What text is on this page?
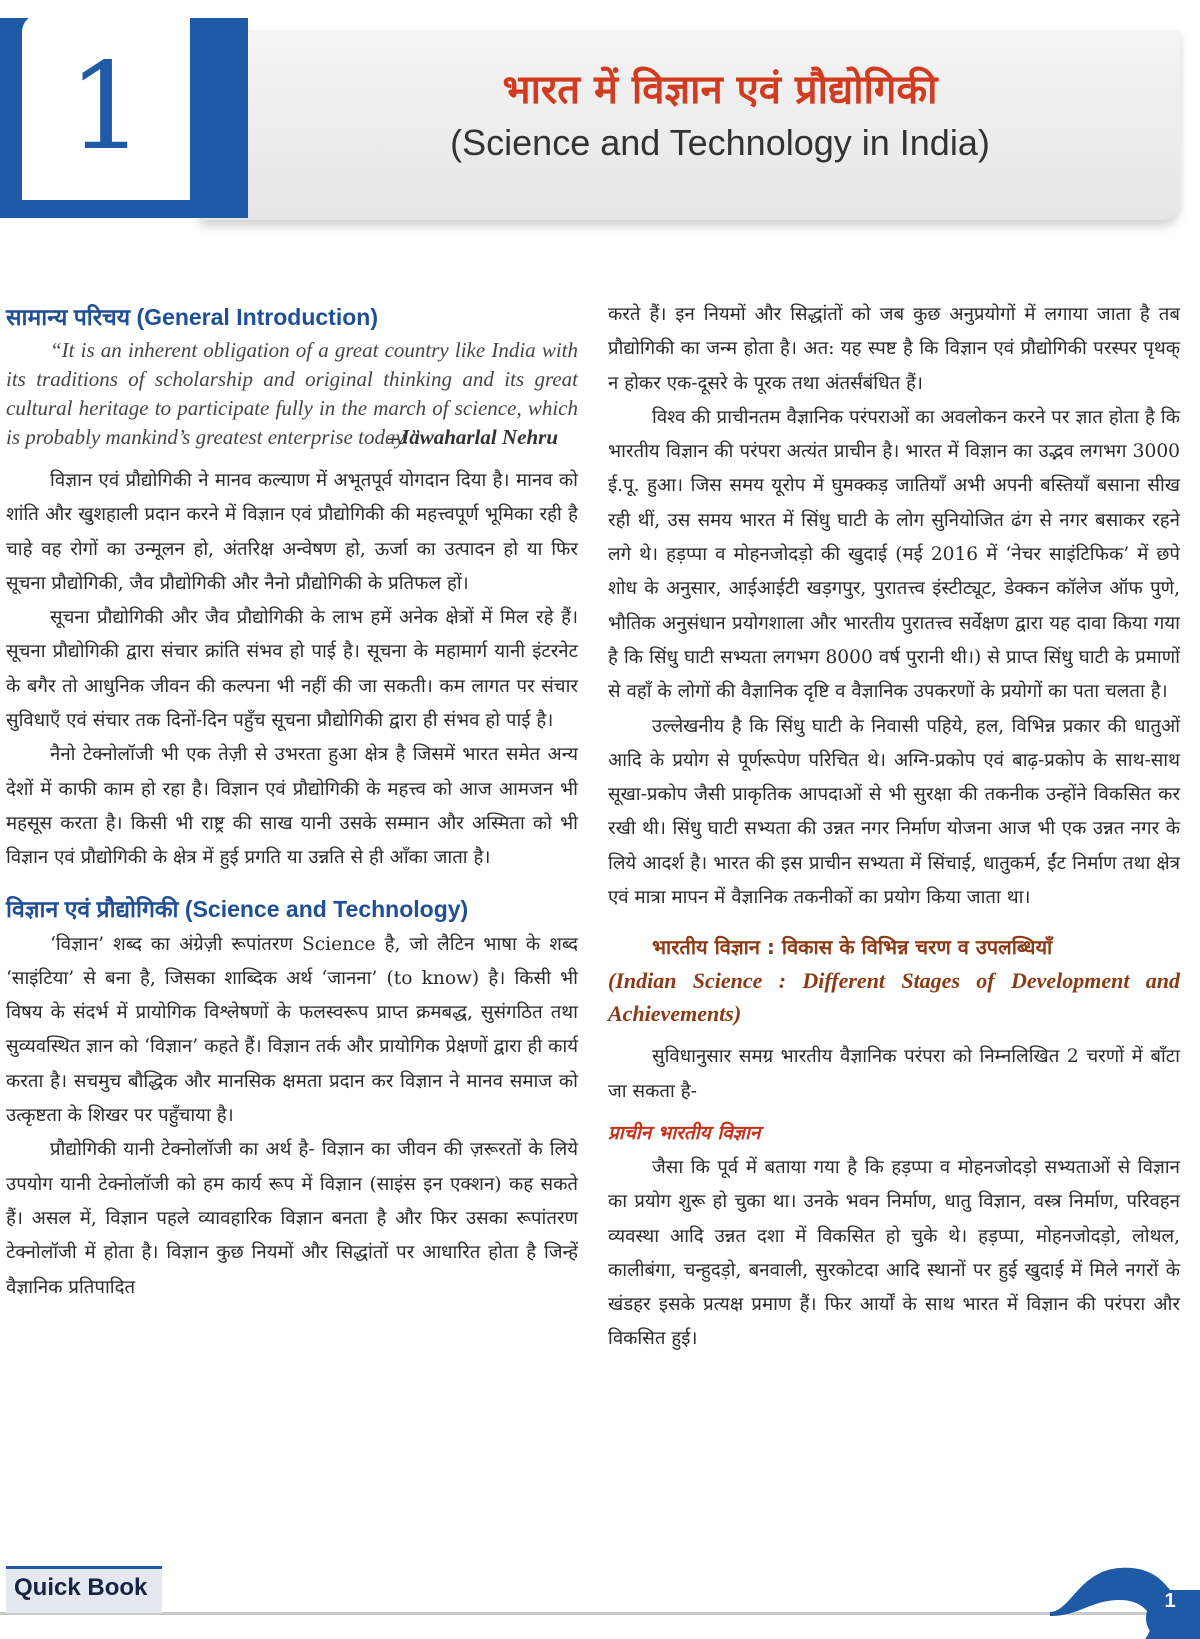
1	भारत में विज्ञान एवं प्रौद्योगिकी
(Science and Technology in India)
सामान्य परिचय (General Introduction)

“It is an inherent obligation of a great country like India with its traditions of scholarship and original thinking and its great cultural heritage to participate fully in the march of science, which is probably mankind’s greatest enterprise today.”

–Jawaharlal Nehru

विज्ञान एवं प्रौद्योगिकी ने मानव कल्याण में अभूतपूर्व योगदान दिया है। मानव को शांति और खुशहाली प्रदान करने में विज्ञान एवं प्रौद्योगिकी की महत्त्वपूर्ण भूमिका रही है चाहे वह रोगों का उन्मूलन हो, अंतरिक्ष अन्वेषण हो, ऊर्जा का उत्पादन हो या फिर सूचना प्रौद्योगिकी, जैव प्रौद्योगिकी और नैनो प्रौद्योगिकी के प्रतिफल हों।

सूचना प्रौद्योगिकी और जैव प्रौद्योगिकी के लाभ हमें अनेक क्षेत्रों में मिल रहे हैं। सूचना प्रौद्योगिकी द्वारा संचार क्रांति संभव हो पाई है। सूचना के महामार्ग यानी इंटरनेट के बगैर तो आधुनिक जीवन की कल्पना भी नहीं की जा सकती। कम लागत पर संचार सुविधाएँ एवं संचार तक दिनों-दिन पहुँच सूचना प्रौद्योगिकी द्वारा ही संभव हो पाई है।

नैनो टेक्नोलॉजी भी एक तेज़ी से उभरता हुआ क्षेत्र है जिसमें भारत समेत अन्य देशों में काफी काम हो रहा है। विज्ञान एवं प्रौद्योगिकी के महत्त्व को आज आमजन भी महसूस करता है। किसी भी राष्ट्र की साख यानी उसके सम्मान और अस्मिता को भी विज्ञान एवं प्रौद्योगिकी के क्षेत्र में हुई प्रगति या उन्नति से ही आँका जाता है।

विज्ञान एवं प्रौद्योगिकी (Science and Technology)

‘विज्ञान’ शब्द का अंग्रेज़ी रूपांतरण Science है, जो लैटिन भाषा के शब्द ‘साइंटिया’ से बना है, जिसका शाब्दिक अर्थ ‘जानना’ (to know) है। किसी भी विषय के संदर्भ में प्रायोगिक विश्लेषणों के फलस्वरूप प्राप्त क्रमबद्ध, सुसंगठित तथा सुव्यवस्थित ज्ञान को ‘विज्ञान’ कहते हैं। विज्ञान तर्क और प्रायोगिक प्रेक्षणों द्वारा ही कार्य करता है। सचमुच बौद्धिक और मानसिक क्षमता प्रदान कर विज्ञान ने मानव समाज को उत्कृष्टता के शिखर पर पहुँचाया है।

प्रौद्योगिकी यानी टेक्नोलॉजी का अर्थ है- विज्ञान का जीवन की ज़रूरतों के लिये उपयोग यानी टेक्नोलॉजी को हम कार्य रूप में विज्ञान (साइंस इन एक्शन) कह सकते हैं। असल में, विज्ञान पहले व्यावहारिक विज्ञान बनता है और फिर उसका रूपांतरण टेक्नोलॉजी में होता है। विज्ञान कुछ नियमों और सिद्धांतों पर आधारित होता है जिन्हें वैज्ञानिक प्रतिपादित

करते हैं। इन नियमों और सिद्धांतों को जब कुछ अनुप्रयोगों में लगाया जाता है तब प्रौद्योगिकी का जन्म होता है। अत: यह स्पष्ट है कि विज्ञान एवं प्रौद्योगिकी परस्पर पृथक् न होकर एक-दूसरे के पूरक तथा अंतर्संबंधित हैं।

विश्व की प्राचीनतम वैज्ञानिक परंपराओं का अवलोकन करने पर ज्ञात होता है कि भारतीय विज्ञान की परंपरा अत्यंत प्राचीन है। भारत में विज्ञान का उद्भव लगभग 3000 ई.पू. हुआ। जिस समय यूरोप में घुमक्कड़ जातियाँ अभी अपनी बस्तियाँ बसाना सीख रही थीं, उस समय भारत में सिंधु घाटी के लोग सुनियोजित ढंग से नगर बसाकर रहने लगे थे। हड़प्पा व मोहनजोदड़ो की खुदाई (मई 2016 में ‘नेचर साइंटिफिक’ में छपे शोध के अनुसार, आईआईटी खड़गपुर, पुरातत्त्व इंस्टीट्यूट, डेक्कन कॉलेज ऑफ पुणे, भौतिक अनुसंधान प्रयोगशाला और भारतीय पुरातत्त्व सर्वेक्षण द्वारा यह दावा किया गया है कि सिंधु घाटी सभ्यता लगभग 8000 वर्ष पुरानी थी।) से प्राप्त सिंधु घाटी के प्रमाणों से वहाँ के लोगों की वैज्ञानिक दृष्टि व वैज्ञानिक उपकरणों के प्रयोगों का पता चलता है।

उल्लेखनीय है कि सिंधु घाटी के निवासी पहिये, हल, विभिन्न प्रकार की धातुओं आदि के प्रयोग से पूर्णरूपेण परिचित थे। अग्नि-प्रकोप एवं बाढ़-प्रकोप के साथ-साथ सूखा-प्रकोप जैसी प्राकृतिक आपदाओं से भी सुरक्षा की तकनीक उन्होंने विकसित कर रखी थी। सिंधु घाटी सभ्यता की उन्नत नगर निर्माण योजना आज भी एक उन्नत नगर के लिये आदर्श है। भारत की इस प्राचीन सभ्यता में सिंचाई, धातुकर्म, ईंट निर्माण तथा क्षेत्र एवं मात्रा मापन में वैज्ञानिक तकनीकों का प्रयोग किया जाता था।

भारतीय विज्ञान : विकास के विभिन्न चरण व उपलब्धियाँ

(Indian Science : Different Stages of Development and Achievements)

सुविधानुसार समग्र भारतीय वैज्ञानिक परंपरा को निम्नलिखित 2 चरणों में बाँटा जा सकता है-

प्राचीन भारतीय विज्ञान

जैसा कि पूर्व में बताया गया है कि हड़प्पा व मोहनजोदड़ो सभ्यताओं से विज्ञान का प्रयोग शुरू हो चुका था। उनके भवन निर्माण, धातु विज्ञान, वस्त्र निर्माण, परिवहन व्यवस्था आदि उन्नत दशा में विकसित हो चुके थे। हड़प्पा, मोहनजोदड़ो, लोथल, कालीबंगा, चन्हुदड़ो, बनवाली, सुरकोटदा आदि स्थानों पर हुई खुदाई में मिले नगरों के खंडहर इसके प्रत्यक्ष प्रमाण हैं। फिर आर्यों के साथ भारत में विज्ञान की परंपरा और विकसित हुई।

Quick Book	1
